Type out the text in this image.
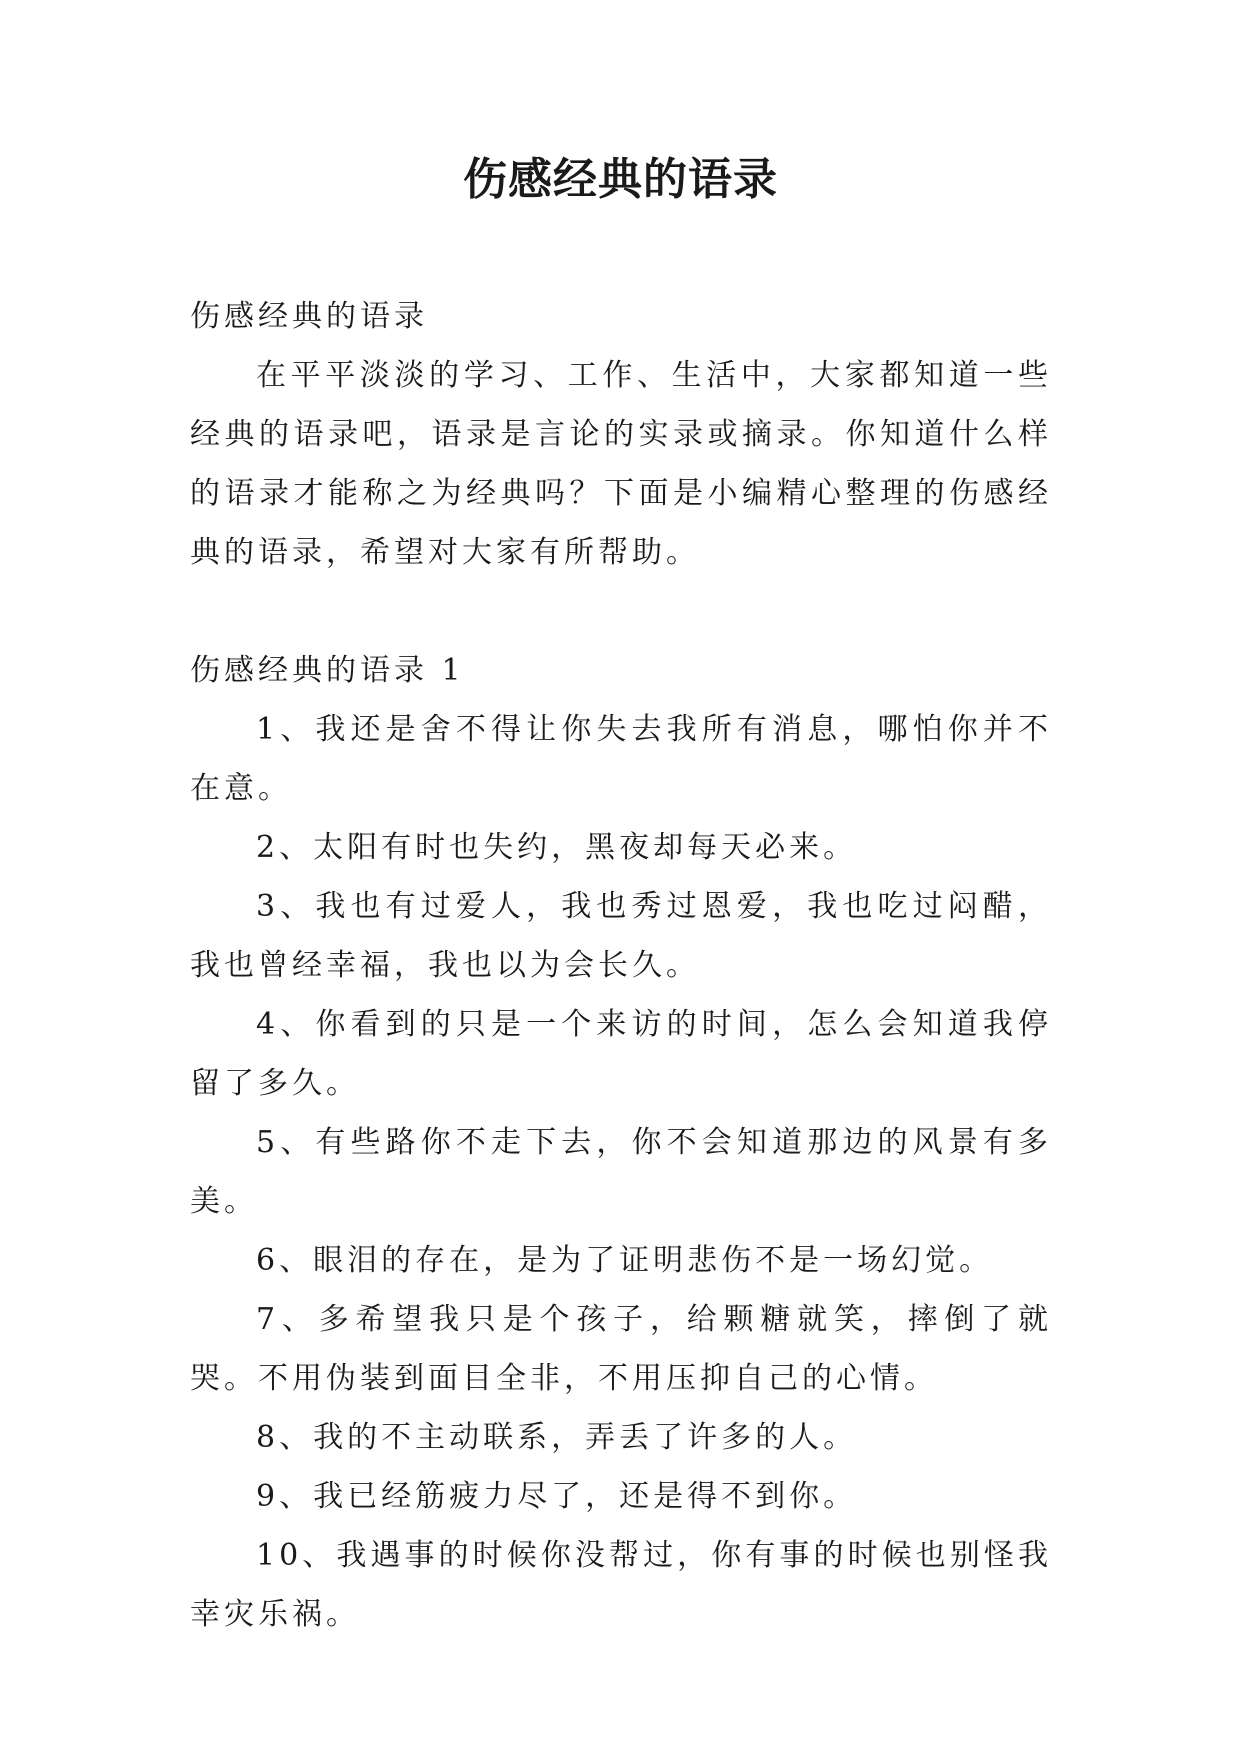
伤感经典的语录

伤感经典的语录

在平平淡淡的学习、工作、生活中，大家都知道一些经典的语录吧，语录是言论的实录或摘录。你知道什么样的语录才能称之为经典吗？下面是小编精心整理的伤感经典的语录，希望对大家有所帮助。

伤感经典的语录 1

1、我还是舍不得让你失去我所有消息，哪怕你并不在意。

2、太阳有时也失约，黑夜却每天必来。

3、我也有过爱人，我也秀过恩爱，我也吃过闷醋，我也曾经幸福，我也以为会长久。

4、你看到的只是一个来访的时间，怎么会知道我停留了多久。

5、有些路你不走下去，你不会知道那边的风景有多美。

6、眼泪的存在，是为了证明悲伤不是一场幻觉。

7、多希望我只是个孩子，给颗糖就笑，摔倒了就哭。不用伪装到面目全非，不用压抑自己的心情。

8、我的不主动联系，弄丢了许多的人。

9、我已经筋疲力尽了，还是得不到你。

10、我遇事的时候你没帮过，你有事的时候也别怪我幸灾乐祸。
